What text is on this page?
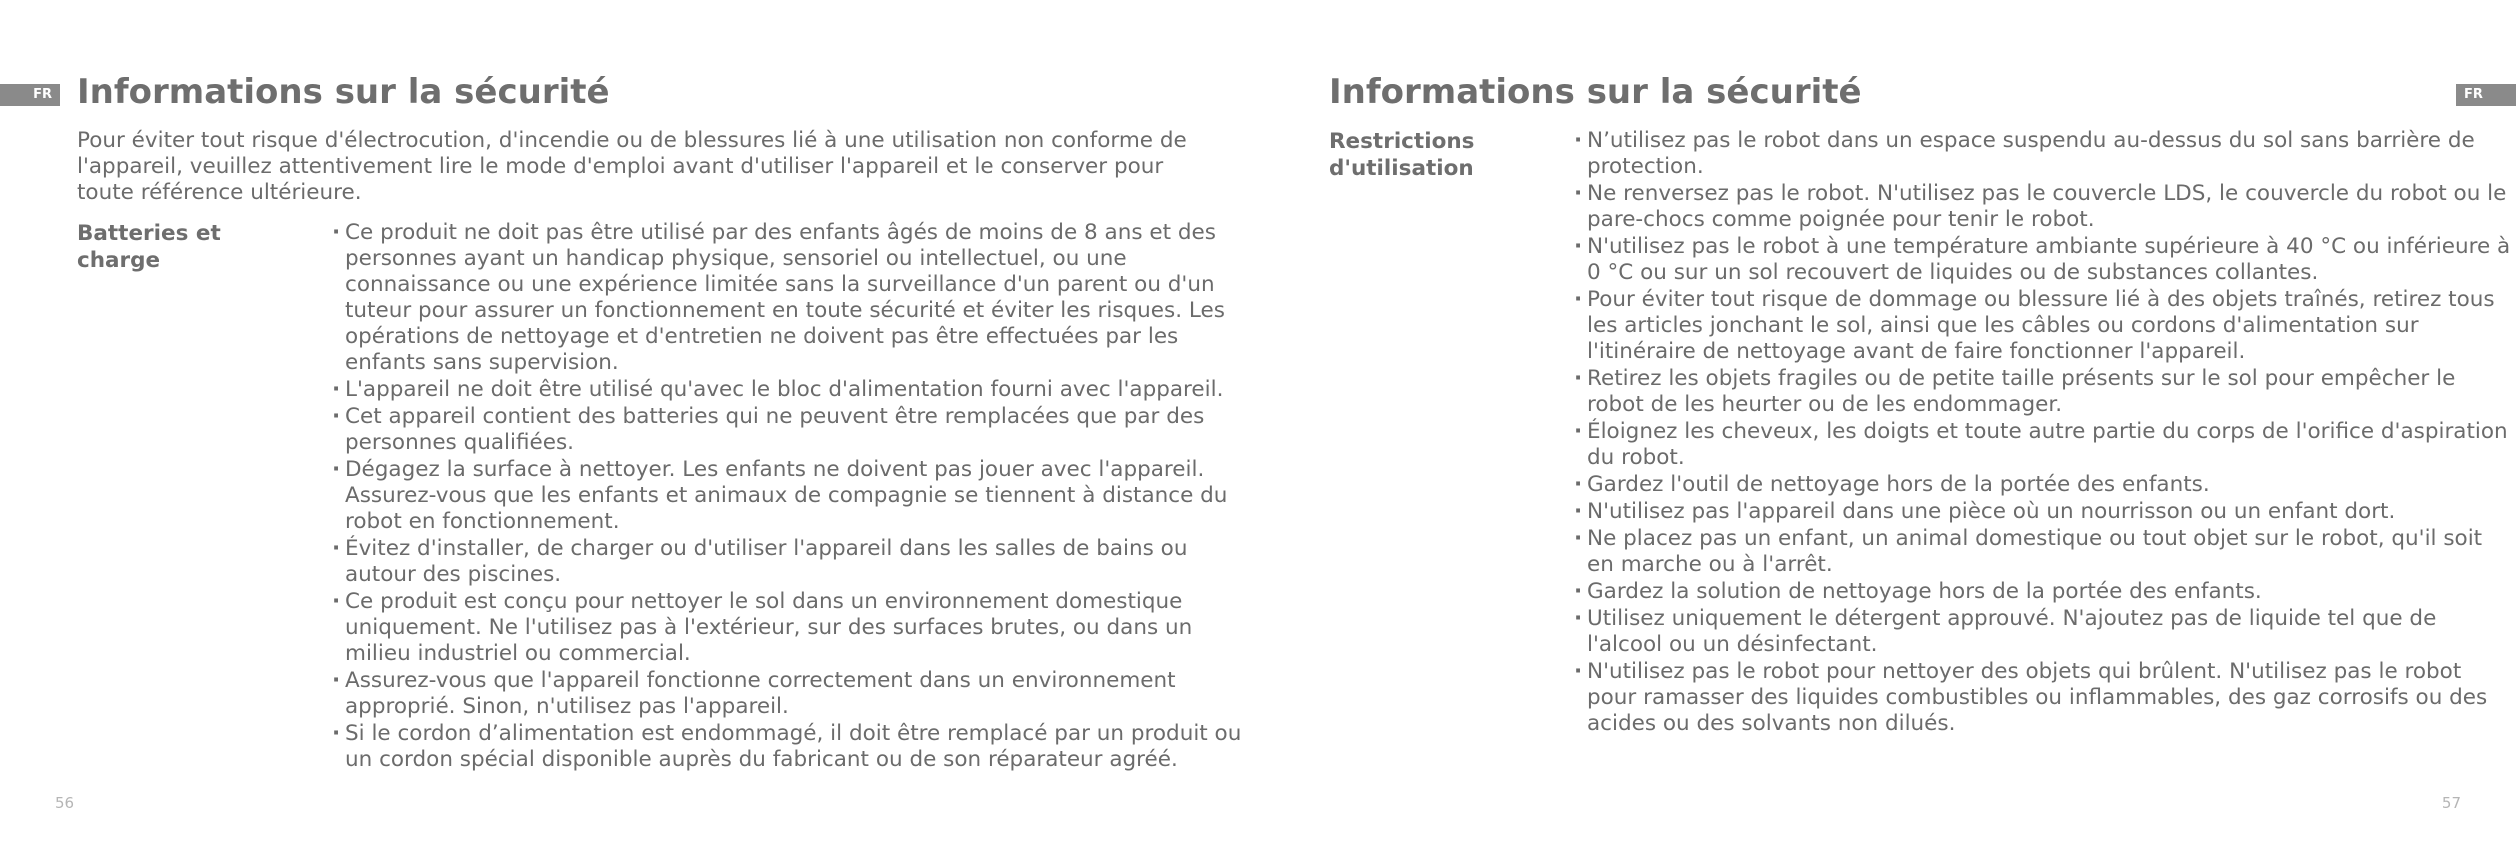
FR Informations sur la sécurité

Pour éviter tout risque d'électrocution, d'incendie ou de blessures lié à une utilisation non conforme de l'appareil, veuillez attentivement lire le mode d'emploi avant d'utiliser l'appareil et le conserver pour toute référence ultérieure.

Batteries et charge

· Ce produit ne doit pas être utilisé par des enfants âgés de moins de 8 ans et des personnes ayant un handicap physique, sensoriel ou intellectuel, ou une connaissance ou une expérience limitée sans la surveillance d'un parent ou d'un tuteur pour assurer un fonctionnement en toute sécurité et éviter les risques. Les opérations de nettoyage et d'entretien ne doivent pas être effectuées par les enfants sans supervision.
· L'appareil ne doit être utilisé qu'avec le bloc d'alimentation fourni avec l'appareil.
· Cet appareil contient des batteries qui ne peuvent être remplacées que par des personnes qualifiées.
· Dégagez la surface à nettoyer. Les enfants ne doivent pas jouer avec l'appareil. Assurez-vous que les enfants et animaux de compagnie se tiennent à distance du robot en fonctionnement.
· Évitez d'installer, de charger ou d'utiliser l'appareil dans les salles de bains ou autour des piscines.
· Ce produit est conçu pour nettoyer le sol dans un environnement domestique uniquement. Ne l'utilisez pas à l'extérieur, sur des surfaces brutes, ou dans un milieu industriel ou commercial.
· Assurez-vous que l'appareil fonctionne correctement dans un environnement approprié. Sinon, n'utilisez pas l'appareil.
· Si le cordon d’alimentation est endommagé, il doit être remplacé par un produit ou un cordon spécial disponible auprès du fabricant ou de son réparateur agréé.
56
FR
Informations sur la sécurité

Restrictions d'utilisation

· N’utilisez pas le robot dans un espace suspendu au-dessus du sol sans barrière de protection.
· Ne renversez pas le robot. N'utilisez pas le couvercle LDS, le couvercle du robot ou le pare-chocs comme poignée pour tenir le robot.
· N'utilisez pas le robot à une température ambiante supérieure à 40 °C ou inférieure à 0 °C ou sur un sol recouvert de liquides ou de substances collantes.
· Pour éviter tout risque de dommage ou blessure lié à des objets traînés, retirez tous les articles jonchant le sol, ainsi que les câbles ou cordons d'alimentation sur l'itinéraire de nettoyage avant de faire fonctionner l'appareil.
· Retirez les objets fragiles ou de petite taille présents sur le sol pour empêcher le robot de les heurter ou de les endommager.
· Éloignez les cheveux, les doigts et toute autre partie du corps de l'orifice d'aspiration du robot.
· Gardez l'outil de nettoyage hors de la portée des enfants.
· N'utilisez pas l'appareil dans une pièce où un nourrisson ou un enfant dort.
· Ne placez pas un enfant, un animal domestique ou tout objet sur le robot, qu'il soit en marche ou à l'arrêt.
· Gardez la solution de nettoyage hors de la portée des enfants.
· Utilisez uniquement le détergent approuvé. N'ajoutez pas de liquide tel que de l'alcool ou un désinfectant.
· N'utilisez pas le robot pour nettoyer des objets qui brûlent. N'utilisez pas le robot pour ramasser des liquides combustibles ou inflammables, des gaz corrosifs ou des acides ou des solvants non dilués.
57
